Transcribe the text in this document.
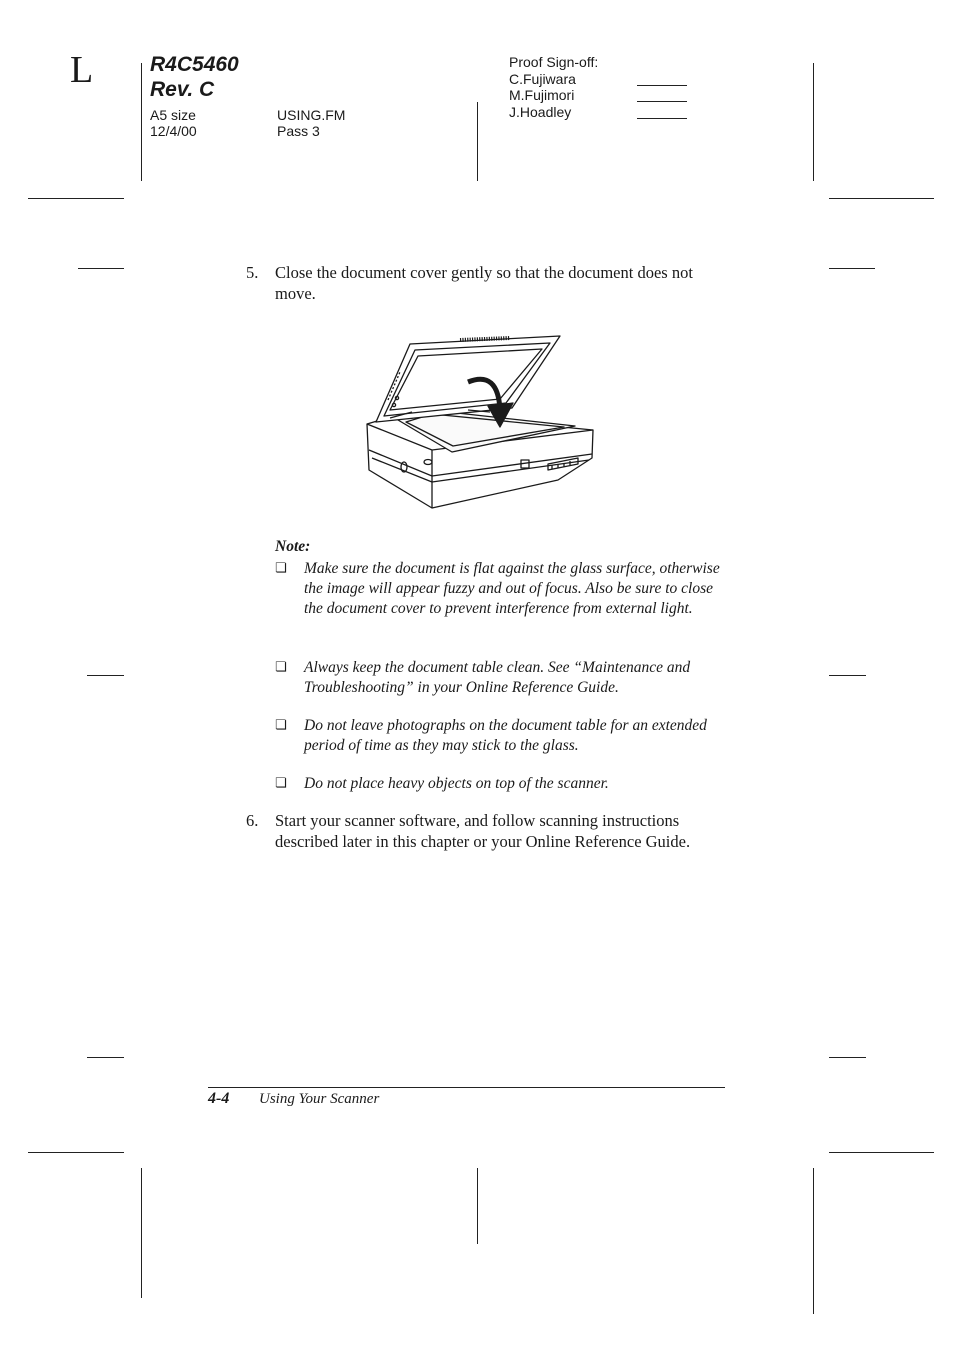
L	R4C5460
Rev. C
A5 size
12/4/00
USING.FM
Pass 3
Proof Sign-off:
C.Fujiwara
M.Fujimori
J.Hoadley
5. Close the document cover gently so that the document does not move.
Note:
❏ Make sure the document is flat against the glass surface, otherwise the image will appear fuzzy and out of focus. Also be sure to close the document cover to prevent interference from external light.
❏ Always keep the document table clean. See “Maintenance and Troubleshooting” in your Online Reference Guide.
❏ Do not leave photographs on the document table for an extended period of time as they may stick to the glass.
❏ Do not place heavy objects on top of the scanner.
6. Start your scanner software, and follow scanning instructions described later in this chapter or your Online Reference Guide.
4-4 Using Your Scanner
